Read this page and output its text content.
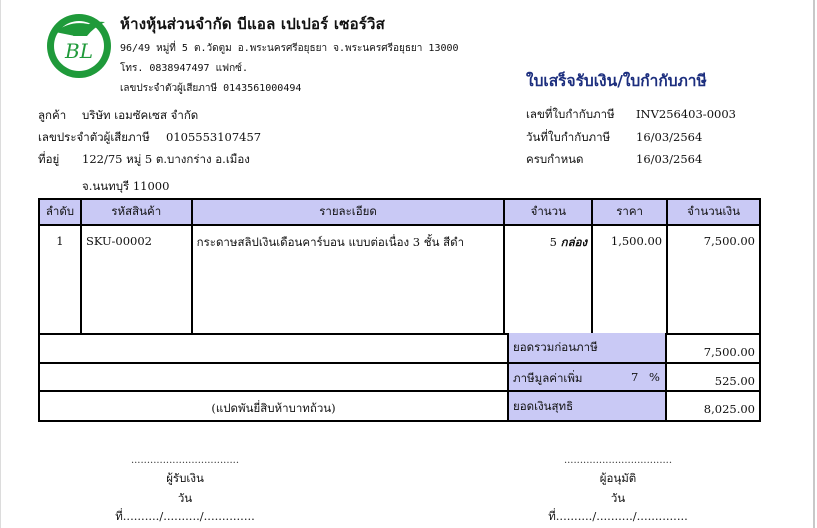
BL
ห้างหุ้นส่วนจำกัด บีแอล เปเปอร์ เซอร์วิส
96/49 หมู่ที่ 5 ต.วัดตูม อ.พระนครศรีอยุธยา จ.พระนครศรีอยุธยา 13000
โทร. 0838947497 แฟกซ์.
เลขประจำตัวผู้เสียภาษี 0143561000494	ใบเสร็จรับเงิน/ใบกำกับภาษี
ลูกค้า บริษัท เอมซัคเซส จำกัด
เลขประจำตัวผู้เสียภาษี 0105553107457
ที่อยู่ 122/75 หมู่ 5 ต.บางกร่าง อ.เมือง
จ.นนทบุรี 11000
เลขที่ใบกำกับภาษี INV256403-0003
วันที่ใบกำกับภาษี 16/03/2564
ครบกำหนด	16/03/2564
ลำดับ	รหัสสินค้า	รายละเอียด	จำนวน	ราคา	จำนวนเงิน
1	SKU-00002	กระดาษสลิปเงินเดือนคาร์บอน แบบต่อเนื่อง 3 ชั้น สีดำ	5 กล่อง	1,500.00	7,500.00
ยอดรวมก่อนภาษี	7,500.00
ภาษีมูลค่าเพิ่ม	7 %	525.00
(แปดพันยี่สิบห้าบาทถ้วน)	ยอดเงินสุทธิ	8,025.00
..................................
ผู้รับเงิน
วันที่........../........../..............
..................................
ผู้อนุมัติ
วันที่........../........../..............
